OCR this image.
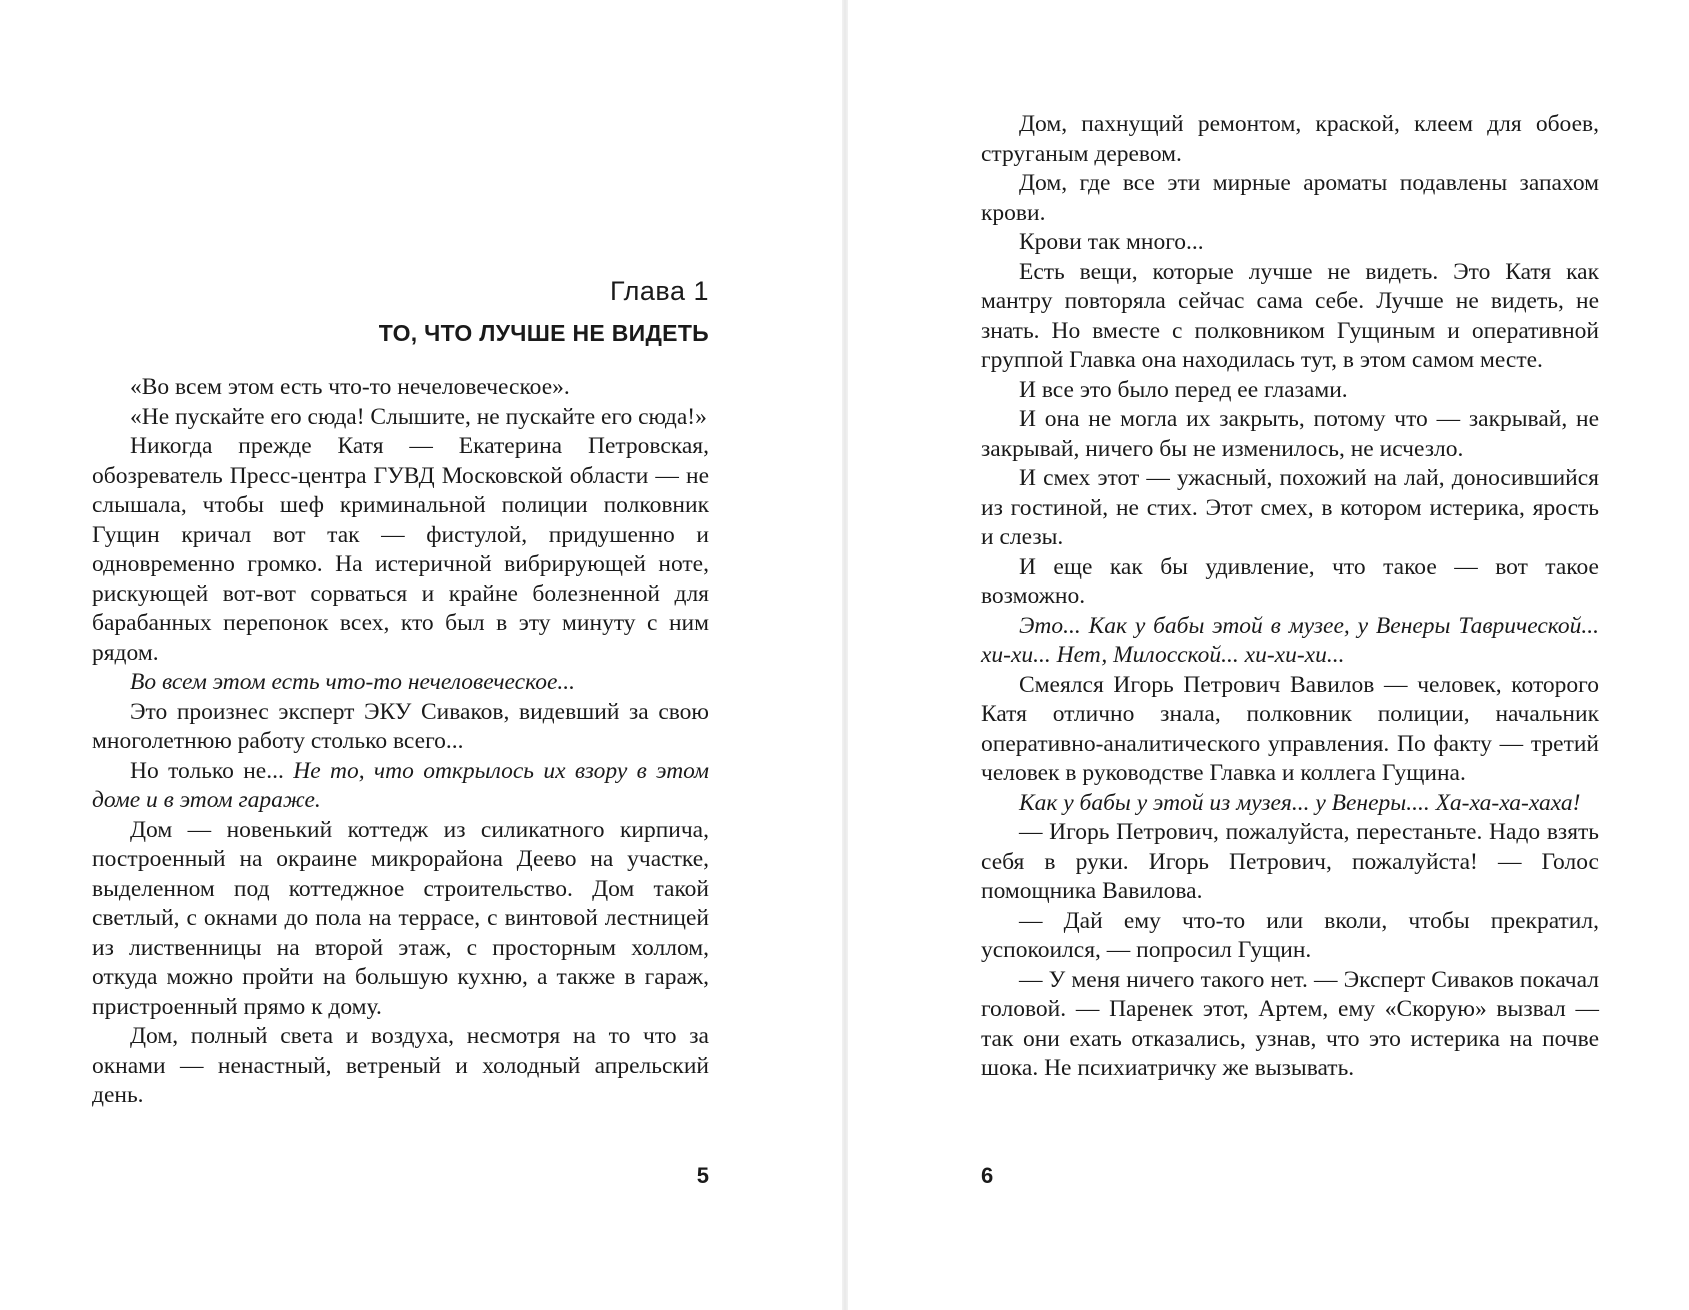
Глава 1
ТО, ЧТО ЛУЧШЕ НЕ ВИДЕТЬ

«Во всем этом есть что-то нечеловеческое».

«Не пускайте его сюда! Слышите, не пускайте его сюда!»

Никогда прежде Катя — Екатерина Петровская, обозреватель Пресс-центра ГУВД Московской области — не слышала, чтобы шеф криминальной полиции полковник Гущин кричал вот так — фистулой, придушенно и одновременно громко. На истеричной вибрирующей ноте, рискующей вот-вот сорваться и крайне болезненной для барабанных перепонок всех, кто был в эту минуту с ним рядом.

Во всем этом есть что-то нечеловеческое...

Это произнес эксперт ЭКУ Сиваков, видевший за свою многолетнюю работу столько всего...

Но только не... Не то, что открылось их взору в этом доме и в этом гараже.

Дом — новенький коттедж из силикатного кирпича, построенный на окраине микрорайона Деево на участке, выделенном под коттеджное строительство. Дом такой светлый, с окнами до пола на террасе, с винтовой лестницей из лиственницы на второй этаж, с просторным холлом, откуда можно пройти на большую кухню, а также в гараж, пристроенный прямо к дому.

Дом, полный света и воздуха, несмотря на то что за окнами — ненастный, ветреный и холодный апрельский день.

5

Дом, пахнущий ремонтом, краской, клеем для обоев, струганым деревом.

Дом, где все эти мирные ароматы подавлены запахом крови.

Крови так много...

Есть вещи, которые лучше не видеть. Это Катя как мантру повторяла сейчас сама себе. Лучше не видеть, не знать. Но вместе с полковником Гущиным и оперативной группой Главка она находилась тут, в этом самом месте.

И все это было перед ее глазами.

И она не могла их закрыть, потому что — закрывай, не закрывай, ничего бы не изменилось, не исчезло.

И смех этот — ужасный, похожий на лай, доносившийся из гостиной, не стих. Этот смех, в котором истерика, ярость и слезы.

И еще как бы удивление, что такое — вот такое возможно.

Это... Как у бабы этой в музее, у Венеры Таврической... хи-хи... Нет, Милосской... хи-хи-хи...

Смеялся Игорь Петрович Вавилов — человек, которого Катя отлично знала, полковник полиции, начальник оперативно-аналитического управления. По факту — третий человек в руководстве Главка и коллега Гущина.

Как у бабы у этой из музея... у Венеры.... Ха-ха-ха-хаха!

— Игорь Петрович, пожалуйста, перестаньте. Надо взять себя в руки. Игорь Петрович, пожалуйста! — Голос помощника Вавилова.

— Дай ему что-то или вколи, чтобы прекратил, успокоился, — попросил Гущин.

— У меня ничего такого нет. — Эксперт Сиваков покачал головой. — Паренек этот, Артем, ему «Скорую» вызвал — так они ехать отказались, узнав, что это истерика на почве шока. Не психиатричку же вызывать.

6
